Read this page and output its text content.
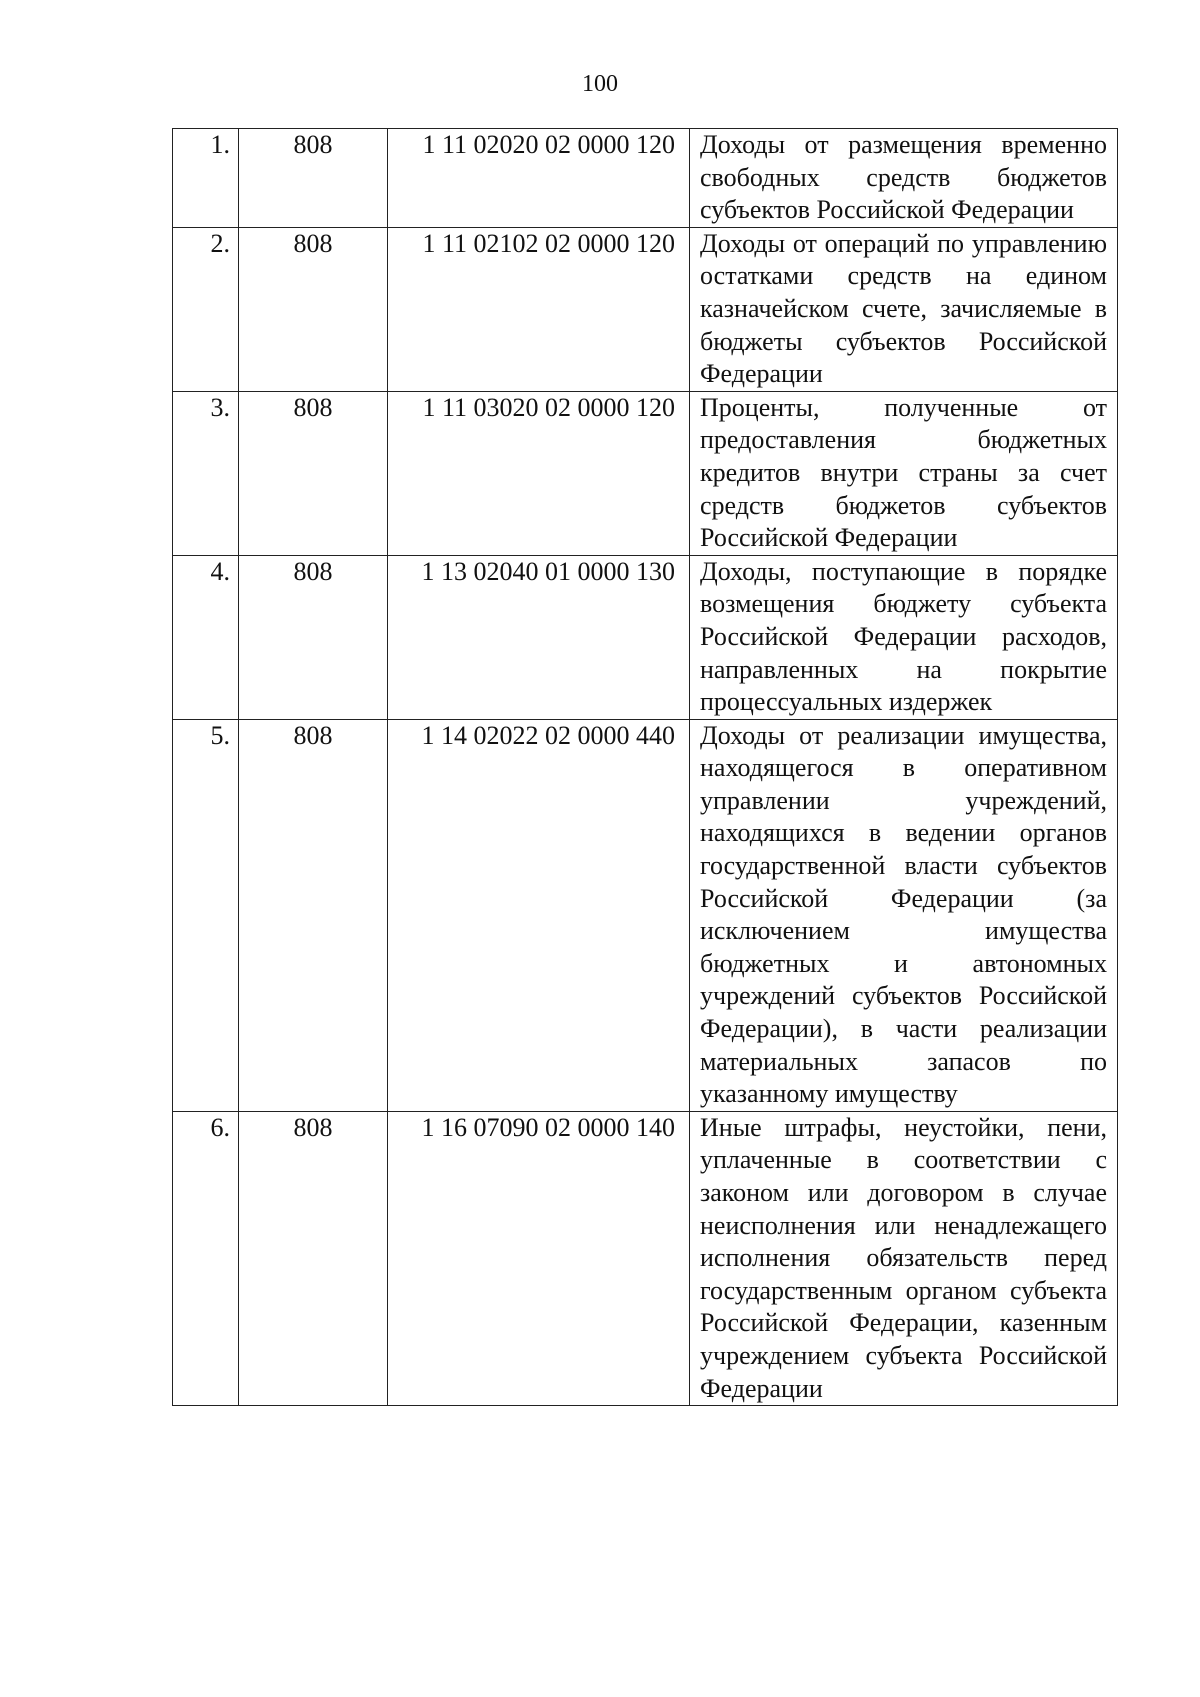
100
1.	808	1 11 02020 02 0000 120	Доходы от размещения временно свободных средств бюджетов субъектов Российской Федерации
2.	808	1 11 02102 02 0000 120	Доходы от операций по управлению остатками средств на едином казначейском счете, зачисляемые в бюджеты субъектов Российской Федерации
3.	808	1 11 03020 02 0000 120	Проценты, полученные от предоставления бюджетных кредитов внутри страны за счет средств бюджетов субъектов Российской Федерации
4.	808	1 13 02040 01 0000 130	Доходы, поступающие в порядке возмещения бюджету субъекта Российской Федерации расходов, направленных на покрытие процессуальных издержек
5.	808	1 14 02022 02 0000 440	Доходы от реализации имущества, находящегося в оперативном управлении учреждений, находящихся в ведении органов государственной власти субъектов Российской Федерации (за исключением имущества бюджетных и автономных учреждений субъектов Российской Федерации), в части реализации материальных запасов по указанному имуществу
6.	808	1 16 07090 02 0000 140	Иные штрафы, неустойки, пени, уплаченные в соответствии с законом или договором в случае неисполнения или ненадлежащего исполнения обязательств перед государственным органом субъекта Российской Федерации, казенным учреждением субъекта Российской Федерации
